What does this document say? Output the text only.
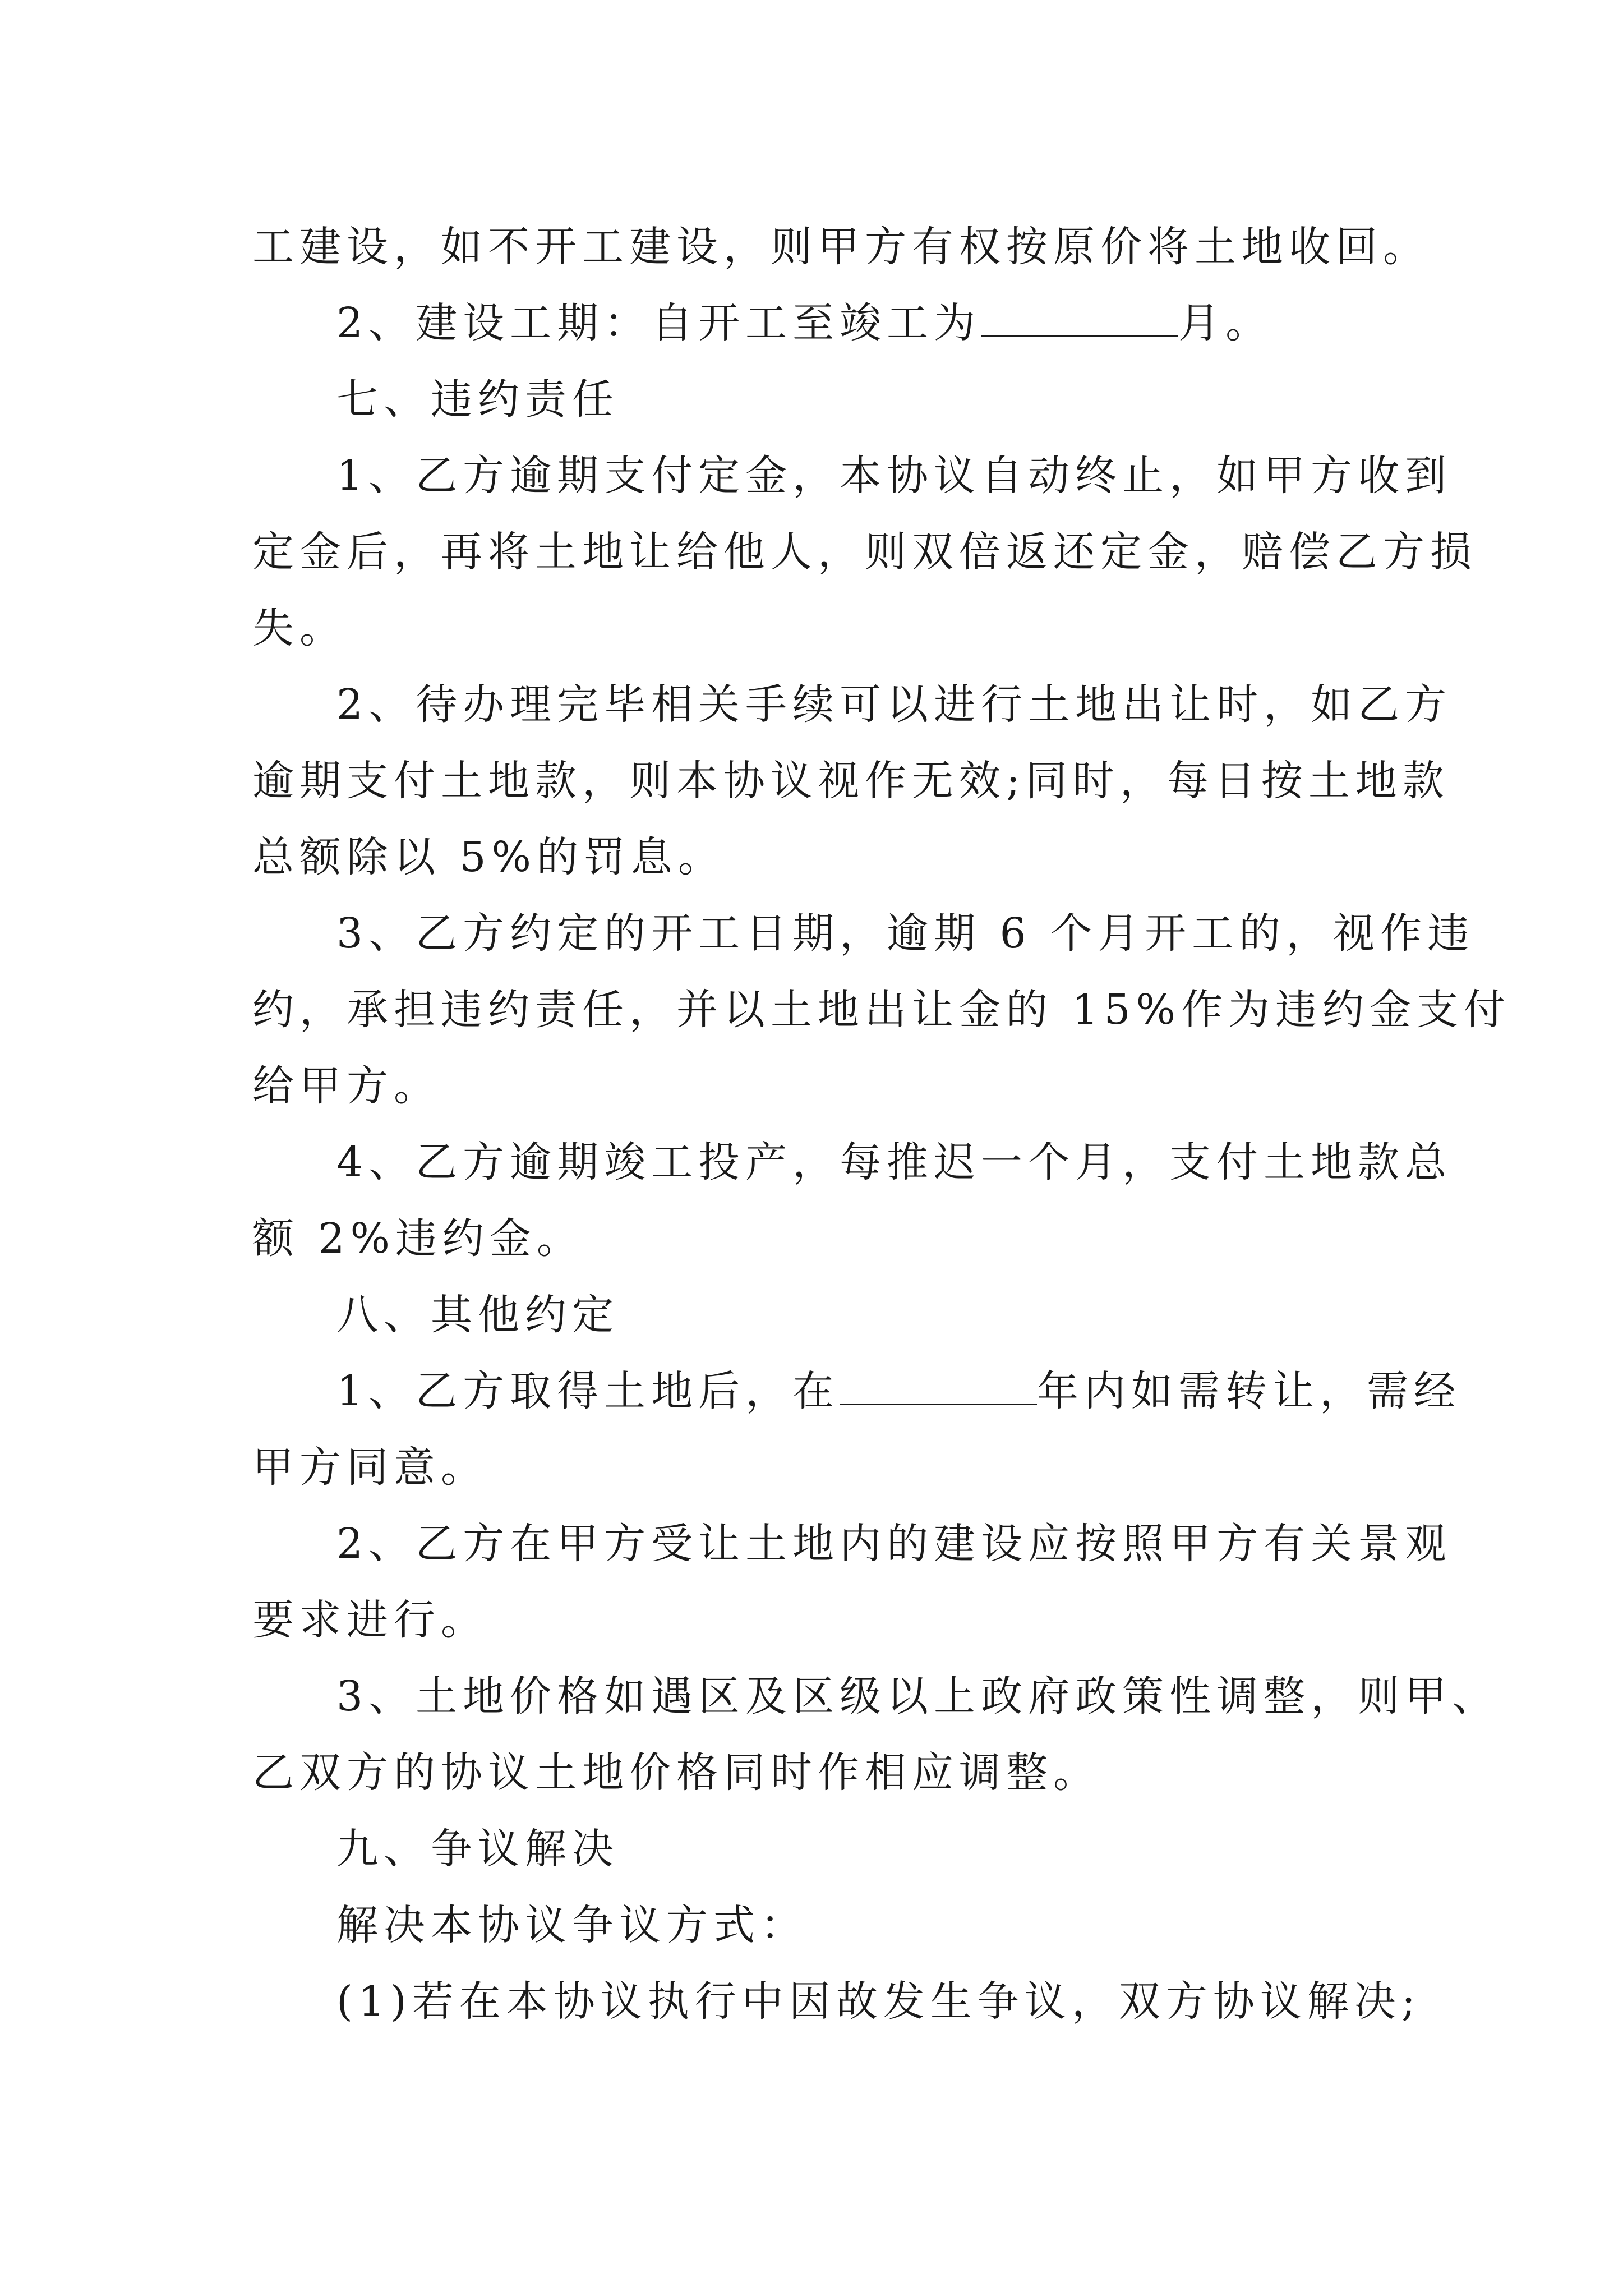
工建设，如不开工建设，则甲方有权按原价将土地收回。
2、建设工期：自开工至竣工为	月。
七、违约责任
1、乙方逾期支付定金，本协议自动终止，如甲方收到
定金后，再将土地让给他人，则双倍返还定金，赔偿乙方损
失。
2、待办理完毕相关手续可以进行土地出让时，如乙方
逾期支付土地款，则本协议视作无效;同时，每日按土地款
总额除以 5%的罚息。
3、乙方约定的开工日期，逾期 6 个月开工的，视作违
约，承担违约责任，并以土地出让金的 15%作为违约金支付
给甲方。
4、乙方逾期竣工投产，每推迟一个月，支付土地款总
额 2%违约金。
八、其他约定
1、乙方取得土地后，在	年内如需转让，需经
甲方同意。
2、乙方在甲方受让土地内的建设应按照甲方有关景观
要求进行。
3、土地价格如遇区及区级以上政府政策性调整，则甲、
乙双方的协议土地价格同时作相应调整。
九、争议解决
解决本协议争议方式：
(1)若在本协议执行中因故发生争议，双方协议解决;
